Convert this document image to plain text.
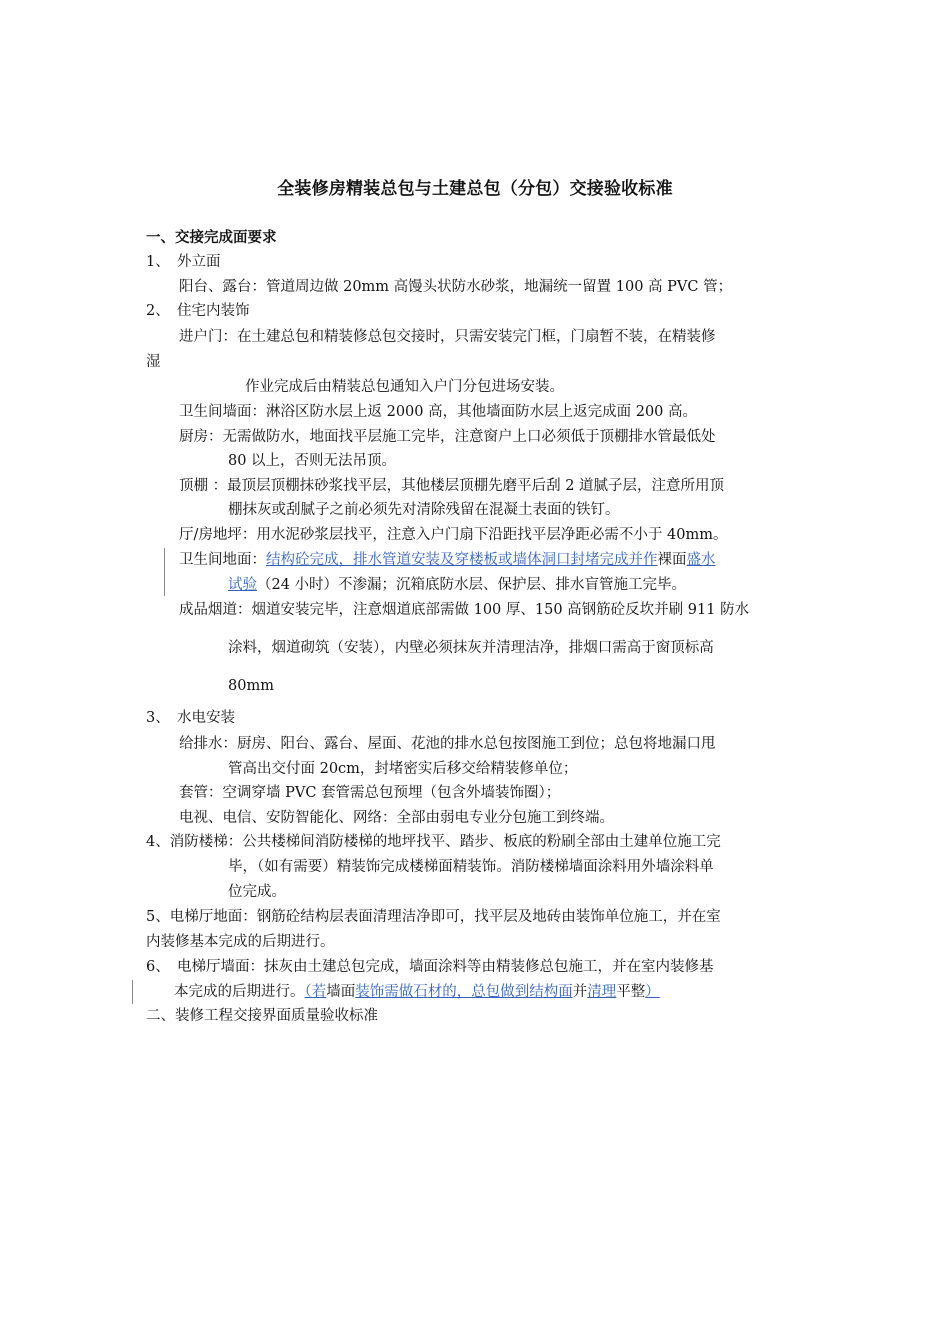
全装修房精装总包与土建总包（分包）交接验收标准
一、交接完成面要求
1、　外立面
阳台、露台：管道周边做 20mm 高馒头状防水砂浆，地漏统一留置 100 高 PVC 管；
2、　住宅内装饰
进户门：在土建总包和精装修总包交接时，只需安装完门框，门扇暂不装，在精装修
湿
作业完成后由精装总包通知入户门分包进场安装。
卫生间墙面：淋浴区防水层上返 2000 高，其他墙面防水层上返完成面 200 高。
厨房：无需做防水，地面找平层施工完毕，注意窗户上口必须低于顶棚排水管最低处
80 以上，否则无法吊顶。
顶棚 ：最顶层顶棚抹砂浆找平层，其他楼层顶棚先磨平后刮 2 道腻子层，注意所用顶
棚抹灰或刮腻子之前必须先对清除残留在混凝土表面的铁钉。
厅/房地坪：用水泥砂浆层找平，注意入户门扇下沿距找平层净距必需不小于 40mm。
卫生间地面：结构砼完成，排水管道安装及穿楼板或墙体洞口封堵完成并作裸面盛水
试验（24 小时）不渗漏；沉箱底防水层、保护层、排水盲管施工完毕。
成品烟道：烟道安装完毕，注意烟道底部需做 100 厚、150 高钢筋砼反坎并刷 911 防水
涂料，烟道砌筑（安装），内壁必须抹灰并清理洁净，排烟口需高于窗顶标高
80mm
3、　水电安装
给排水：厨房、阳台、露台、屋面、花池的排水总包按图施工到位；总包将地漏口甩
管高出交付面 20cm，封堵密实后移交给精装修单位；
套管：空调穿墙 PVC 套管需总包预埋（包含外墙装饰圈）；
电视、电信、安防智能化、网络：全部由弱电专业分包施工到终端。
4、消防楼梯：公共楼梯间消防楼梯的地坪找平、踏步、板底的粉刷全部由土建单位施工完
毕，（如有需要）精装饰完成楼梯面精装饰。消防楼梯墙面涂料用外墙涂料单
位完成。
5、电梯厅地面：钢筋砼结构层表面清理洁净即可，找平层及地砖由装饰单位施工，并在室
内装修基本完成的后期进行。
6、　电梯厅墙面：抹灰由土建总包完成，墙面涂料等由精装修总包施工，并在室内装修基
本完成的后期进行。（若墙面装饰需做石材的，总包做到结构面并清理平整）
二、装修工程交接界面质量验收标准
